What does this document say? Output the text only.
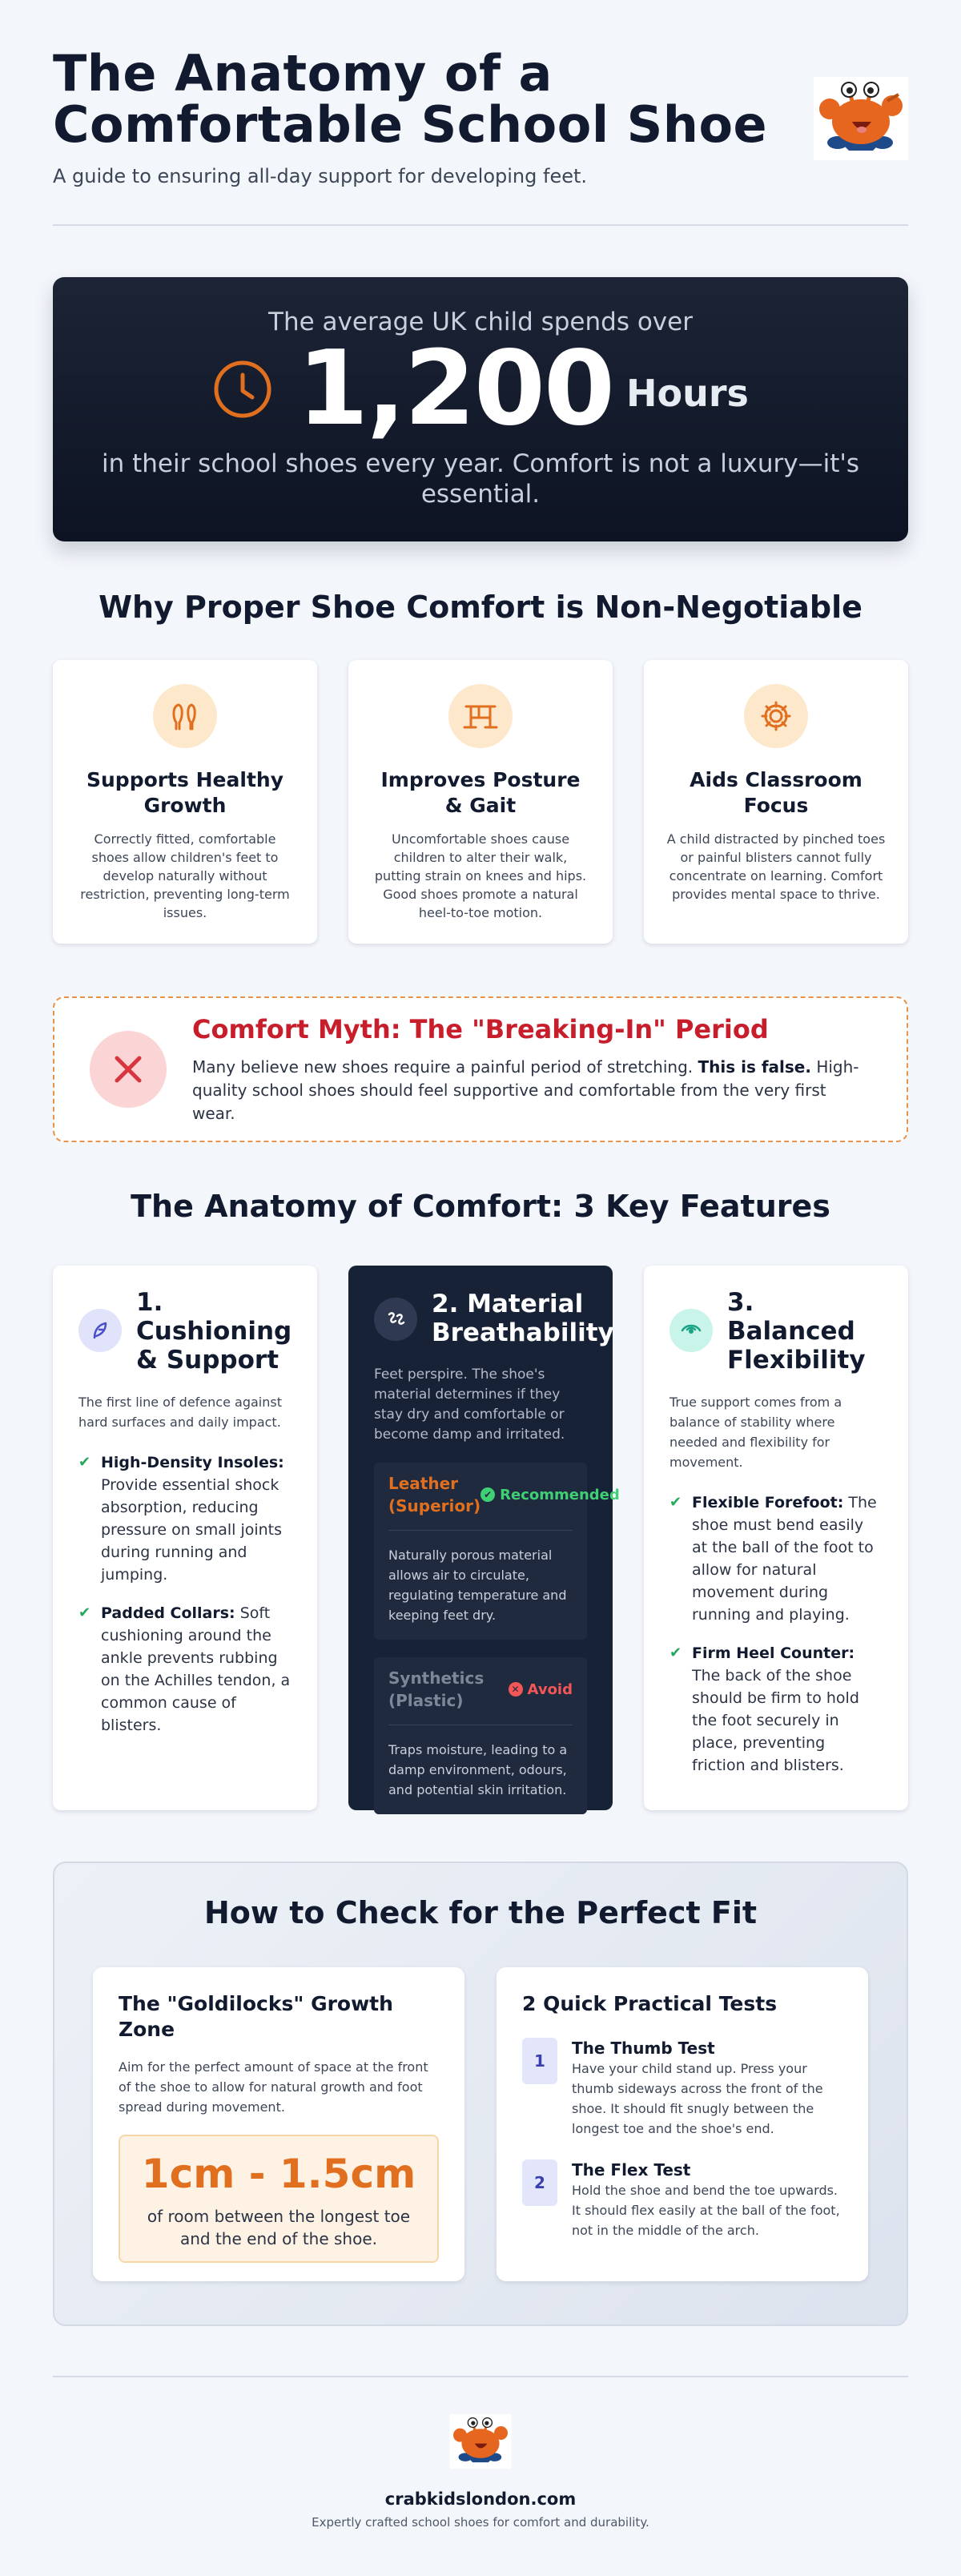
The Anatomy of a Comfortable School Shoe
A guide to ensuring all-day support for developing feet.
The average UK child spends over
1,200 Hours
in their school shoes every year. Comfort is not a luxury—it's essential.
Why Proper Shoe Comfort is Non-Negotiable
Supports Healthy Growth

Correctly fitted, comfortable shoes allow children's feet to develop naturally without restriction, preventing long-term issues.

Improves Posture & Gait

Uncomfortable shoes cause children to alter their walk, putting strain on knees and hips. Good shoes promote a natural heel-to-toe motion.

Aids Classroom Focus

A child distracted by pinched toes or painful blisters cannot fully concentrate on learning. Comfort provides mental space to thrive.

Comfort Myth: The "Breaking-In" Period

Many believe new shoes require a painful period of stretching. This is false. High-quality school shoes should feel supportive and comfortable from the very first wear.

The Anatomy of Comfort: 3 Key Features
1. Cushioning & Support
The first line of defence against hard surfaces and daily impact.
✔ High-Density Insoles: Provide essential shock absorption, reducing pressure on small joints during running and jumping.
✔ Padded Collars: Soft cushioning around the ankle prevents rubbing on the Achilles tendon, a common cause of blisters.
2. Material Breathability
Feet perspire. The shoe's material determines if they stay dry and comfortable or become damp and irritated.
Leather (Superior)
✔ Recommended
Naturally porous material allows air to circulate, regulating temperature and keeping feet dry.
Synthetics (Plastic)
✕ Avoid
Traps moisture, leading to a damp environment, odours, and potential skin irritation.
3. Balanced Flexibility
True support comes from a balance of stability where needed and flexibility for movement.
✔ Flexible Forefoot: The shoe must bend easily at the ball of the foot to allow for natural movement during running and playing.
✔ Firm Heel Counter: The back of the shoe should be firm to hold the foot securely in place, preventing friction and blisters.
How to Check for the Perfect Fit
The "Goldilocks" Growth Zone
Aim for the perfect amount of space at the front of the shoe to allow for natural growth and foot spread during movement.
1cm - 1.5cm
of room between the longest toe and the end of the shoe.
2 Quick Practical Tests
1
The Thumb Test
Have your child stand up. Press your thumb sideways across the front of the shoe. It should fit snugly between the longest toe and the shoe's end.
2
The Flex Test
Hold the shoe and bend the toe upwards. It should flex easily at the ball of the foot, not in the middle of the arch.
crabkidslondon.com
Expertly crafted school shoes for comfort and durability.
